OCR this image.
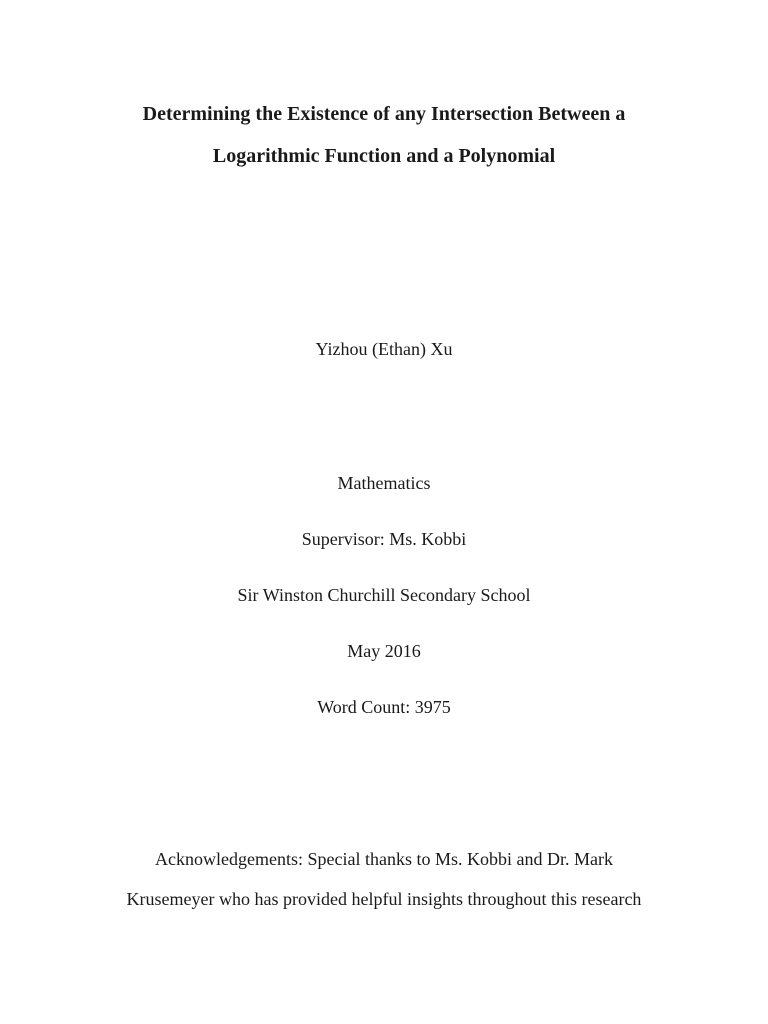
Determining the Existence of any Intersection Between a
Logarithmic Function and a Polynomial
Yizhou (Ethan) Xu
Mathematics
Supervisor: Ms. Kobbi
Sir Winston Churchill Secondary School
May 2016
Word Count: 3975
Acknowledgements: Special thanks to Ms. Kobbi and Dr. Mark
Krusemeyer who has provided helpful insights throughout this research
